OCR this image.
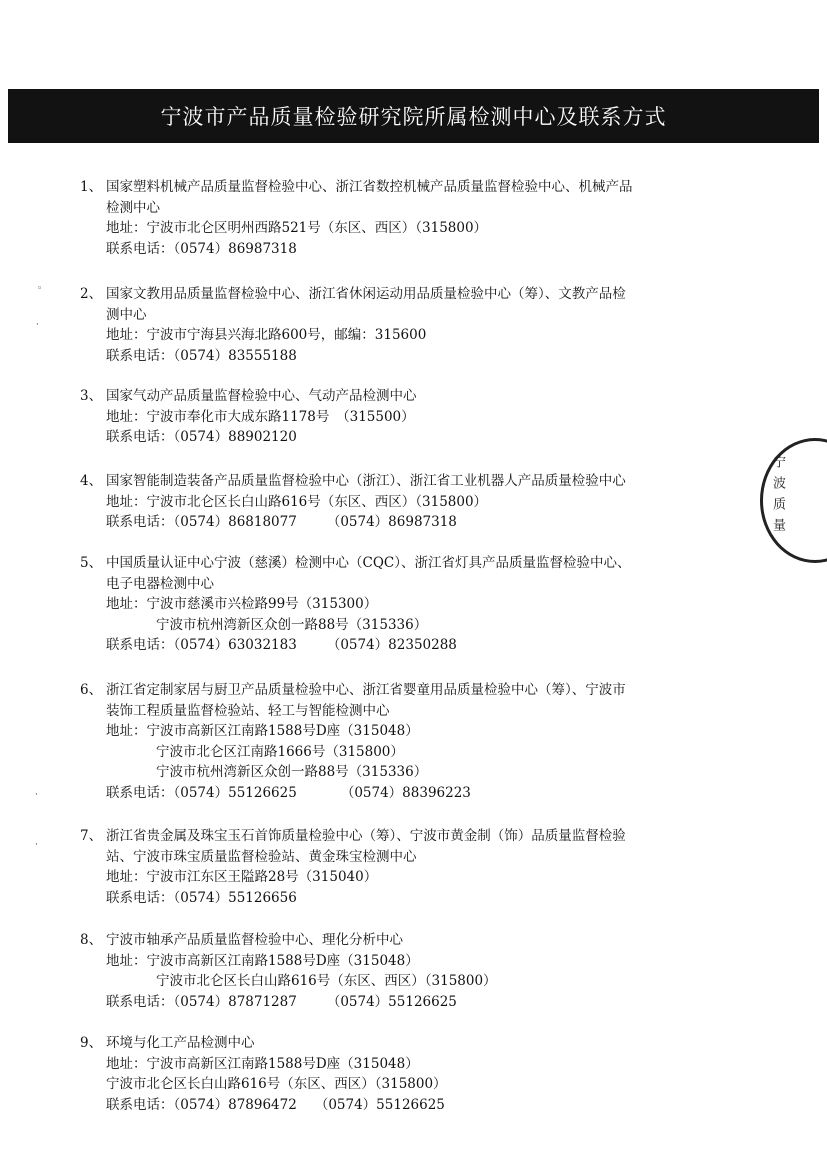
宁波市产品质量检验研究院所属检测中心及联系方式
1、 国家塑料机械产品质量监督检验中心、浙江省数控机械产品质量监督检验中心、机械产品
检测中心
地址：宁波市北仑区明州西路521号（东区、西区）（315800）
联系电话：（0574）86987318
2、 国家文教用品质量监督检验中心、浙江省休闲运动用品质量检验中心（筹）、文教产品检
测中心
地址：宁波市宁海县兴海北路600号，邮编：315600
联系电话：（0574）83555188
3、 国家气动产品质量监督检验中心、气动产品检测中心
地址：宁波市奉化市大成东路1178号　（315500）
联系电话：（0574）88902120
4、 国家智能制造装备产品质量监督检验中心（浙江）、浙江省工业机器人产品质量检验中心
地址：宁波市北仑区长白山路616号（东区、西区）（315800）
联系电话：（0574）86818077 （0574）86987318
5、 中国质量认证中心宁波（慈溪）检测中心（CQC）、浙江省灯具产品质量监督检验中心、
电子电器检测中心
地址：宁波市慈溪市兴检路99号（315300）
宁波市杭州湾新区众创一路88号（315336）
联系电话：（0574）63032183 （0574）82350288
6、 浙江省定制家居与厨卫产品质量检验中心、浙江省婴童用品质量检验中心（筹）、宁波市
装饰工程质量监督检验站、轻工与智能检测中心
地址：宁波市高新区江南路1588号D座（315048）
宁波市北仑区江南路1666号（315800）
宁波市杭州湾新区众创一路88号（315336）
联系电话：（0574）55126625	（0574）88396223
7、 浙江省贵金属及珠宝玉石首饰质量检验中心（筹）、宁波市黄金制（饰）品质量监督检验
站、宁波市珠宝质量监督检验站、黄金珠宝检测中心
地址：宁波市江东区王隘路28号（315040）
联系电话：（0574）55126656
8、 宁波市轴承产品质量监督检验中心、理化分析中心
地址：宁波市高新区江南路1588号D座（315048）
宁波市北仑区长白山路616号（东区、西区）（315800）
联系电话：（0574）87871287 （0574）55126625
9、 环境与化工产品检测中心
地址：宁波市高新区江南路1588号D座（315048）
宁波市北仑区长白山路616号（东区、西区）（315800）
联系电话：（0574）87896472 （0574）55126625
宁波质量
◦
·
·
·
